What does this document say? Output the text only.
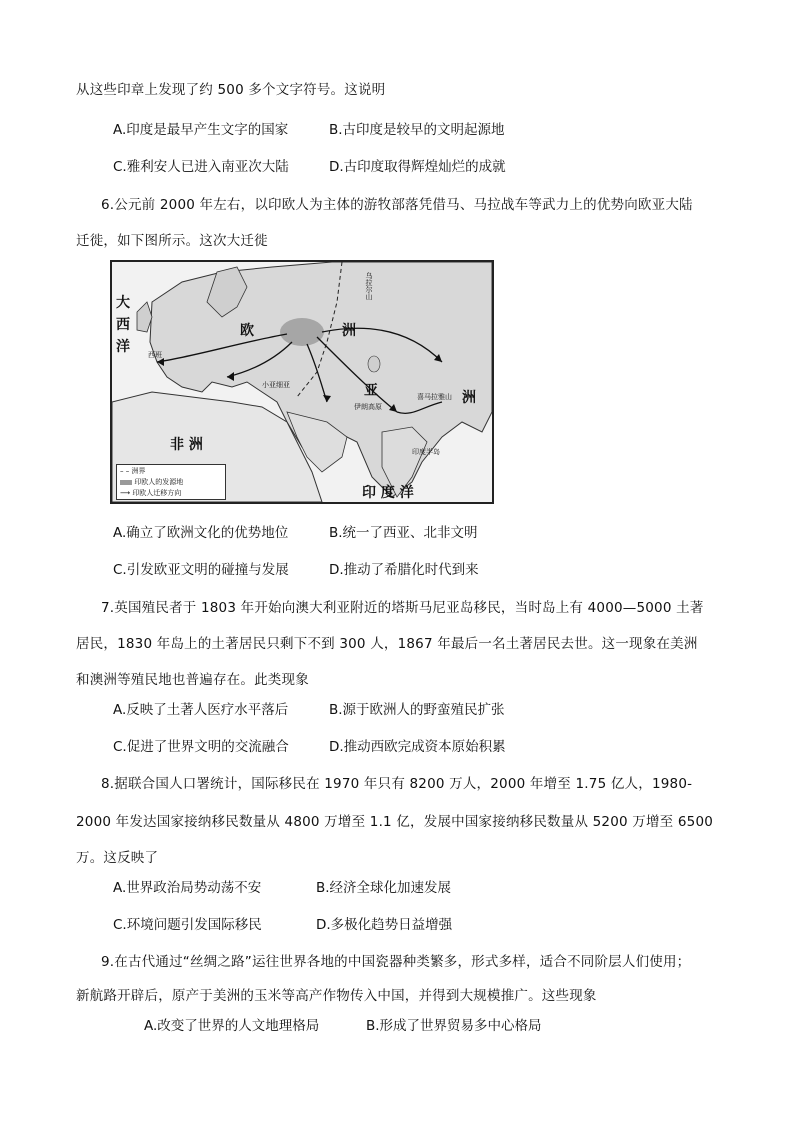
从这些印章上发现了约 500 多个文字符号。这说明
A.印度是最早产生文字的国家	B.古印度是较早的文明起源地
C.雅利安人已进入南亚次大陆	D.古印度取得辉煌灿烂的成就
6.公元前 2000 年左右，以印欧人为主体的游牧部落凭借马、马拉战车等武力上的优势向欧亚大陆
迁徙，如下图所示。这次大迁徙
大
西
洋
欧	洲
亚	洲
非 洲
印 度 洋
西班
小亚细亚
伊朗高原
乌拉尔山
喜马拉雅山
印度半岛
– – 洲界
印欧人的发源地
⟶ 印欧人迁移方向
A.确立了欧洲文化的优势地位	B.统一了西亚、北非文明
C.引发欧亚文明的碰撞与发展	D.推动了希腊化时代到来
7.英国殖民者于 1803 年开始向澳大利亚附近的塔斯马尼亚岛移民，当时岛上有 4000—5000 土著
居民，1830 年岛上的土著居民只剩下不到 300 人，1867 年最后一名土著居民去世。这一现象在美洲
和澳洲等殖民地也普遍存在。此类现象
A.反映了土著人医疗水平落后	B.源于欧洲人的野蛮殖民扩张
C.促进了世界文明的交流融合	D.推动西欧完成资本原始积累
8.据联合国人口署统计，国际移民在 1970 年只有 8200 万人，2000 年增至 1.75 亿人，1980-
2000 年发达国家接纳移民数量从 4800 万增至 1.1 亿，发展中国家接纳移民数量从 5200 万增至 6500
万。这反映了
A.世界政治局势动荡不安	B.经济全球化加速发展
C.环境问题引发国际移民	D.多极化趋势日益增强
9.在古代通过“丝绸之路”运往世界各地的中国瓷器种类繁多，形式多样，适合不同阶层人们使用；
新航路开辟后，原产于美洲的玉米等高产作物传入中国，并得到大规模推广。这些现象
A.改变了世界的人文地理格局	B.形成了世界贸易多中心格局
